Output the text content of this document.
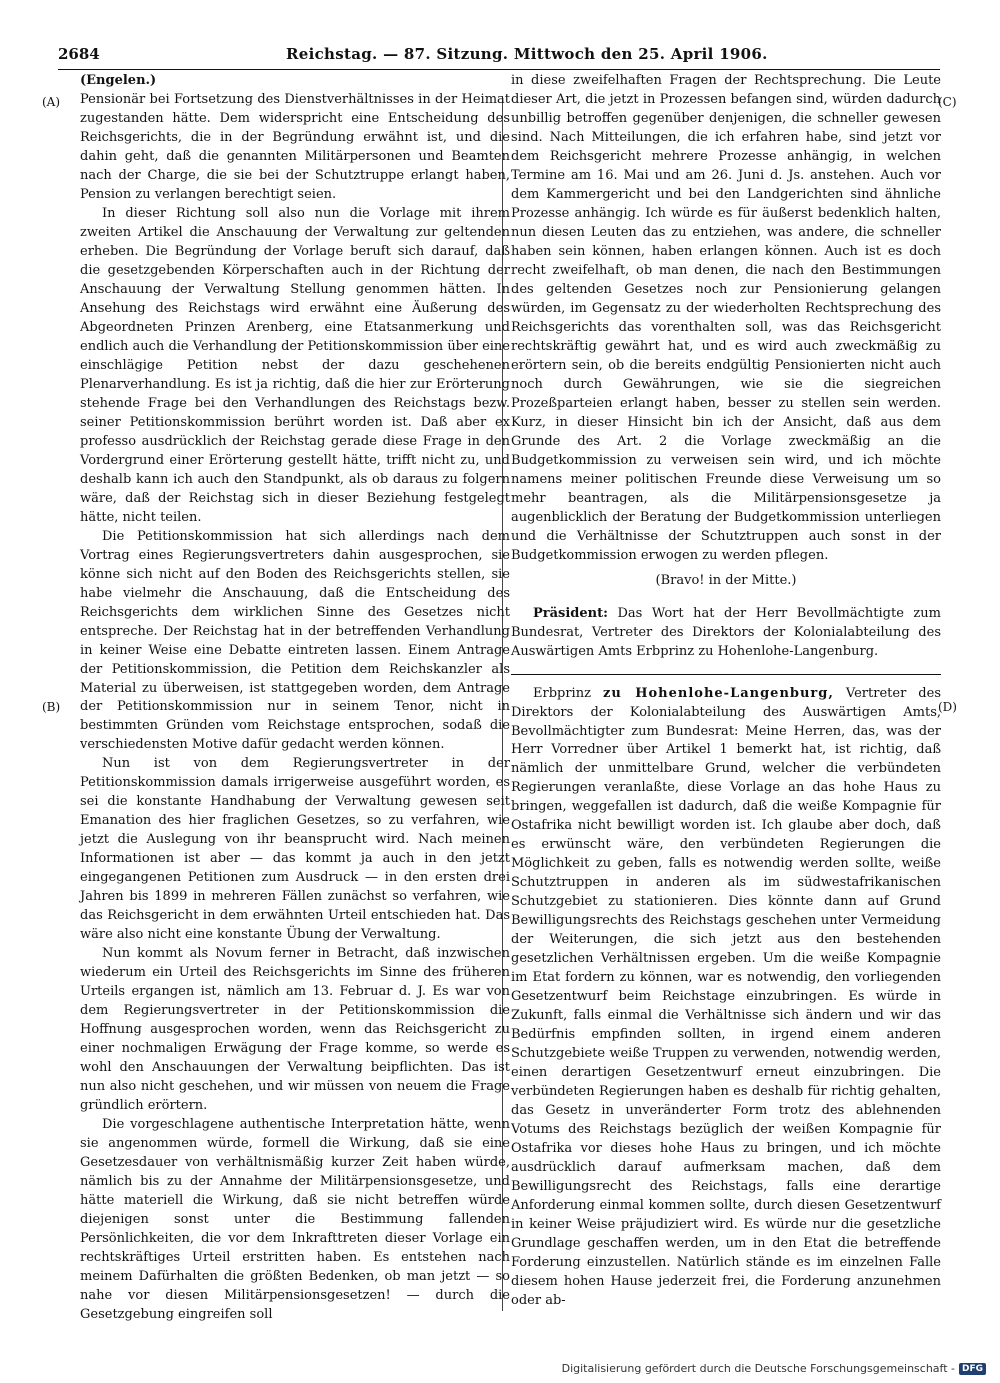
2684	Reichstag. — 87. Sitzung. Mittwoch den 25. April 1906.
(A)
(B)
(C)
(D)

(Engelen.)

Pensionär bei Fortsetzung des Dienstverhältnisses in der Heimat zugestanden hätte. Dem widerspricht eine Entscheidung des Reichsgerichts, die in der Begründung erwähnt ist, und die dahin geht, daß die genannten Militärpersonen und Beamten nach der Charge, die sie bei der Schutztruppe erlangt haben, Pension zu verlangen berechtigt seien.

In dieser Richtung soll also nun die Vorlage mit ihrem zweiten Artikel die Anschauung der Verwaltung zur geltenden erheben. Die Begründung der Vorlage beruft sich darauf, daß die gesetzgebenden Körperschaften auch in der Richtung der Anschauung der Verwaltung Stellung genommen hätten. In Ansehung des Reichstags wird erwähnt eine Äußerung des Abgeordneten Prinzen Arenberg, eine Etatsanmerkung und endlich auch die Verhandlung der Petitionskommission über eine einschlägige Petition nebst der dazu geschehenen Plenarverhandlung. Es ist ja richtig, daß die hier zur Erörterung stehende Frage bei den Verhandlungen des Reichstags bezw. seiner Petitionskommission berührt worden ist. Daß aber ex professo ausdrücklich der Reichstag gerade diese Frage in den Vordergrund einer Erörterung gestellt hätte, trifft nicht zu, und deshalb kann ich auch den Standpunkt, als ob daraus zu folgern wäre, daß der Reichstag sich in dieser Beziehung festgelegt hätte, nicht teilen.

Die Petitionskommission hat sich allerdings nach dem Vortrag eines Regierungsvertreters dahin ausgesprochen, sie könne sich nicht auf den Boden des Reichsgerichts stellen, sie habe vielmehr die Anschauung, daß die Entscheidung des Reichsgerichts dem wirklichen Sinne des Gesetzes nicht entspreche. Der Reichstag hat in der betreffenden Verhandlung in keiner Weise eine Debatte eintreten lassen. Einem Antrage der Petitionskommission, die Petition dem Reichskanzler als Material zu überweisen, ist stattgegeben worden, dem Antrage der Petitionskommission nur in seinem Tenor, nicht in bestimmten Gründen vom Reichstage entsprochen, sodaß die verschiedensten Motive dafür gedacht werden können.

Nun ist von dem Regierungsvertreter in der Petitionskommission damals irrigerweise ausgeführt worden, es sei die konstante Handhabung der Verwaltung gewesen seit Emanation des hier fraglichen Gesetzes, so zu verfahren, wie jetzt die Auslegung von ihr beansprucht wird. Nach meinen Informationen ist aber — das kommt ja auch in den jetzt eingegangenen Petitionen zum Ausdruck — in den ersten drei Jahren bis 1899 in mehreren Fällen zunächst so verfahren, wie das Reichsgericht in dem erwähnten Urteil entschieden hat. Das wäre also nicht eine konstante Übung der Verwaltung.

Nun kommt als Novum ferner in Betracht, daß inzwischen wiederum ein Urteil des Reichsgerichts im Sinne des früheren Urteils ergangen ist, nämlich am 13. Februar d. J. Es war von dem Regierungsvertreter in der Petitionskommission die Hoffnung ausgesprochen worden, wenn das Reichsgericht zu einer nochmaligen Erwägung der Frage komme, so werde es wohl den Anschauungen der Verwaltung beipflichten. Das ist nun also nicht geschehen, und wir müssen von neuem die Frage gründlich erörtern.

Die vorgeschlagene authentische Interpretation hätte, wenn sie angenommen würde, formell die Wirkung, daß sie eine Gesetzesdauer von verhältnismäßig kurzer Zeit haben würde, nämlich bis zu der Annahme der Militärpensionsgesetze, und hätte materiell die Wirkung, daß sie nicht betreffen würde diejenigen sonst unter die Bestimmung fallenden Persönlichkeiten, die vor dem Inkrafttreten dieser Vorlage ein rechtskräftiges Urteil erstritten haben. Es entstehen nach meinem Dafürhalten die größten Bedenken, ob man jetzt — so nahe vor diesen Militärpensionsgesetzen! — durch die Gesetzgebung eingreifen soll

in diese zweifelhaften Fragen der Rechtsprechung. Die Leute dieser Art, die jetzt in Prozessen befangen sind, würden dadurch unbillig betroffen gegenüber denjenigen, die schneller gewesen sind. Nach Mitteilungen, die ich erfahren habe, sind jetzt vor dem Reichsgericht mehrere Prozesse anhängig, in welchen Termine am 16. Mai und am 26. Juni d. Js. anstehen. Auch vor dem Kammergericht und bei den Landgerichten sind ähnliche Prozesse anhängig. Ich würde es für äußerst bedenklich halten, nun diesen Leuten das zu entziehen, was andere, die schneller haben sein können, haben erlangen können. Auch ist es doch recht zweifelhaft, ob man denen, die nach den Bestimmungen des geltenden Gesetzes noch zur Pensionierung gelangen würden, im Gegensatz zu der wiederholten Rechtsprechung des Reichsgerichts das vorenthalten soll, was das Reichsgericht rechtskräftig gewährt hat, und es wird auch zweckmäßig zu erörtern sein, ob die bereits endgültig Pensionierten nicht auch noch durch Gewährungen, wie sie die siegreichen Prozeßparteien erlangt haben, besser zu stellen sein werden. Kurz, in dieser Hinsicht bin ich der Ansicht, daß aus dem Grunde des Art. 2 die Vorlage zweckmäßig an die Budgetkommission zu verweisen sein wird, und ich möchte namens meiner politischen Freunde diese Verweisung um so mehr beantragen, als die Militärpensionsgesetze ja augenblicklich der Beratung der Budgetkommission unterliegen und die Verhältnisse der Schutztruppen auch sonst in der Budgetkommission erwogen zu werden pflegen.

(Bravo! in der Mitte.)

Präsident: Das Wort hat der Herr Bevollmächtigte zum Bundesrat, Vertreter des Direktors der Kolonialabteilung des Auswärtigen Amts Erbprinz zu Hohenlohe-Langenburg.

Erbprinz zu Hohenlohe-Langenburg, Vertreter des Direktors der Kolonialabteilung des Auswärtigen Amts, Bevollmächtigter zum Bundesrat: Meine Herren, das, was der Herr Vorredner über Artikel 1 bemerkt hat, ist richtig, daß nämlich der unmittelbare Grund, welcher die verbündeten Regierungen veranlaßte, diese Vorlage an das hohe Haus zu bringen, weggefallen ist dadurch, daß die weiße Kompagnie für Ostafrika nicht bewilligt worden ist. Ich glaube aber doch, daß es erwünscht wäre, den verbündeten Regierungen die Möglichkeit zu geben, falls es notwendig werden sollte, weiße Schutztruppen in anderen als im südwestafrikanischen Schutzgebiet zu stationieren. Dies könnte dann auf Grund Bewilligungsrechts des Reichstags geschehen unter Vermeidung der Weiterungen, die sich jetzt aus den bestehenden gesetzlichen Verhältnissen ergeben. Um die weiße Kompagnie im Etat fordern zu können, war es notwendig, den vorliegenden Gesetzentwurf beim Reichstage einzubringen. Es würde in Zukunft, falls einmal die Verhältnisse sich ändern und wir das Bedürfnis empfinden sollten, in irgend einem anderen Schutzgebiete weiße Truppen zu verwenden, notwendig werden, einen derartigen Gesetzentwurf erneut einzubringen. Die verbündeten Regierungen haben es deshalb für richtig gehalten, das Gesetz in unveränderter Form trotz des ablehnenden Votums des Reichstags bezüglich der weißen Kompagnie für Ostafrika vor dieses hohe Haus zu bringen, und ich möchte ausdrücklich darauf aufmerksam machen, daß dem Bewilligungsrecht des Reichstags, falls eine derartige Anforderung einmal kommen sollte, durch diesen Gesetzentwurf in keiner Weise präjudiziert wird. Es würde nur die gesetzliche Grundlage geschaffen werden, um in den Etat die betreffende Forderung einzustellen. Natürlich stände es im einzelnen Falle diesem hohen Hause jederzeit frei, die Forderung anzunehmen oder ab-

Digitalisierung gefördert durch die Deutsche Forschungsgemeinschaft - DFG
